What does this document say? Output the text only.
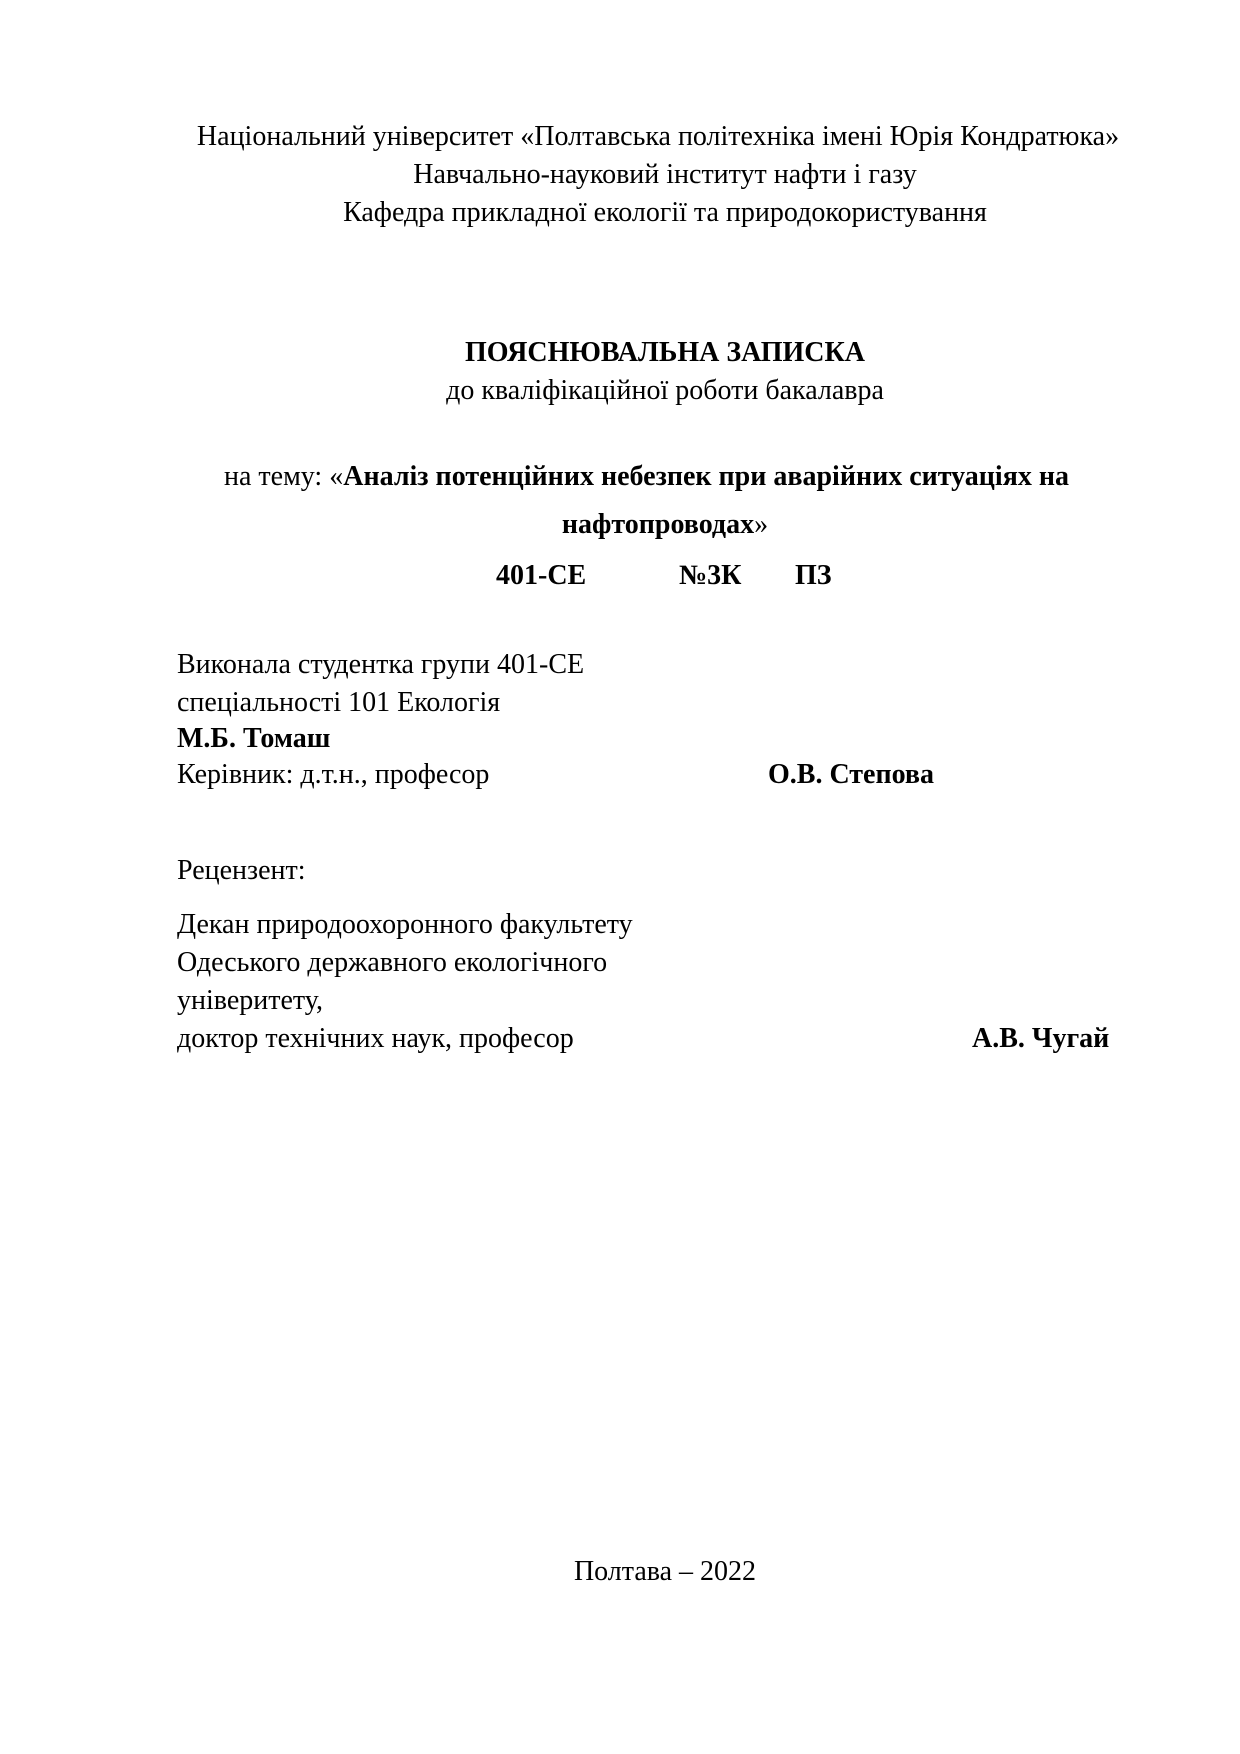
Національний університет «Полтавська політехніка імені Юрія Кондратюка»
Навчально-науковий інститут нафти і газу
Кафедра прикладної екології та природокористування
ПОЯСНЮВАЛЬНА ЗАПИСКА
до кваліфікаційної роботи бакалавра
на тему: «Аналіз потенційних небезпек при аварійних ситуаціях на
нафтопроводах»
401-СЕ	№3К ПЗ
Виконала студентка групи 401-СЕ
спеціальності 101 Екологія
М.Б. Томаш
Керівник: д.т.н., професор	О.В. Степова
Рецензент:
Декан природоохоронного факультету
Одеського державного екологічного
універитету,
доктор технічних наук, професор	А.В. Чугай
Полтава – 2022
